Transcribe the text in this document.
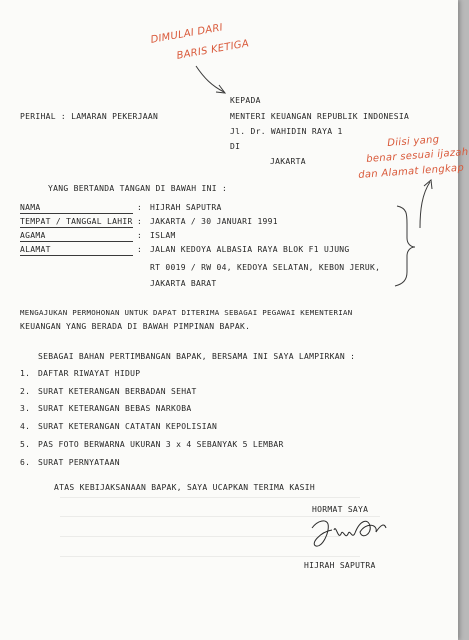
DIMULAI DARI
BARIS KETIGA
Diisi yang
benar sesuai ijazah
dan Alamat lengkap
KEPADA
MENTERI KEUANGAN REPUBLIK INDONESIA
Jl. Dr. WAHIDIN RAYA 1
DI
JAKARTA
PERIHAL : LAMARAN PEKERJAAN
YANG BERTANDA TANGAN DI BAWAH INI :
NAMA	: HIJRAH SAPUTRA
TEMPAT / TANGGAL LAHIR : JAKARTA / 30 JANUARI 1991
AGAMA	: ISLAM
ALAMAT	: JALAN KEDOYA ALBASIA RAYA BLOK F1 UJUNG
RT 0019 / RW 04, KEDOYA SELATAN, KEBON JERUK,
JAKARTA BARAT
MENGAJUKAN PERMOHONAN UNTUK DAPAT DITERIMA SEBAGAI PEGAWAI KEMENTERIAN
KEUANGAN YANG BERADA DI BAWAH PIMPINAN BAPAK.
SEBAGAI BAHAN PERTIMBANGAN BAPAK, BERSAMA INI SAYA LAMPIRKAN :
1. DAFTAR RIWAYAT HIDUP
2. SURAT KETERANGAN BERBADAN SEHAT
3. SURAT KETERANGAN BEBAS NARKOBA
4. SURAT KETERANGAN CATATAN KEPOLISIAN
5. PAS FOTO BERWARNA UKURAN 3 x 4 SEBANYAK 5 LEMBAR
6. SURAT PERNYATAAN
ATAS KEBIJAKSANAAN BAPAK, SAYA UCAPKAN TERIMA KASIH
HORMAT SAYA
HIJRAH SAPUTRA
